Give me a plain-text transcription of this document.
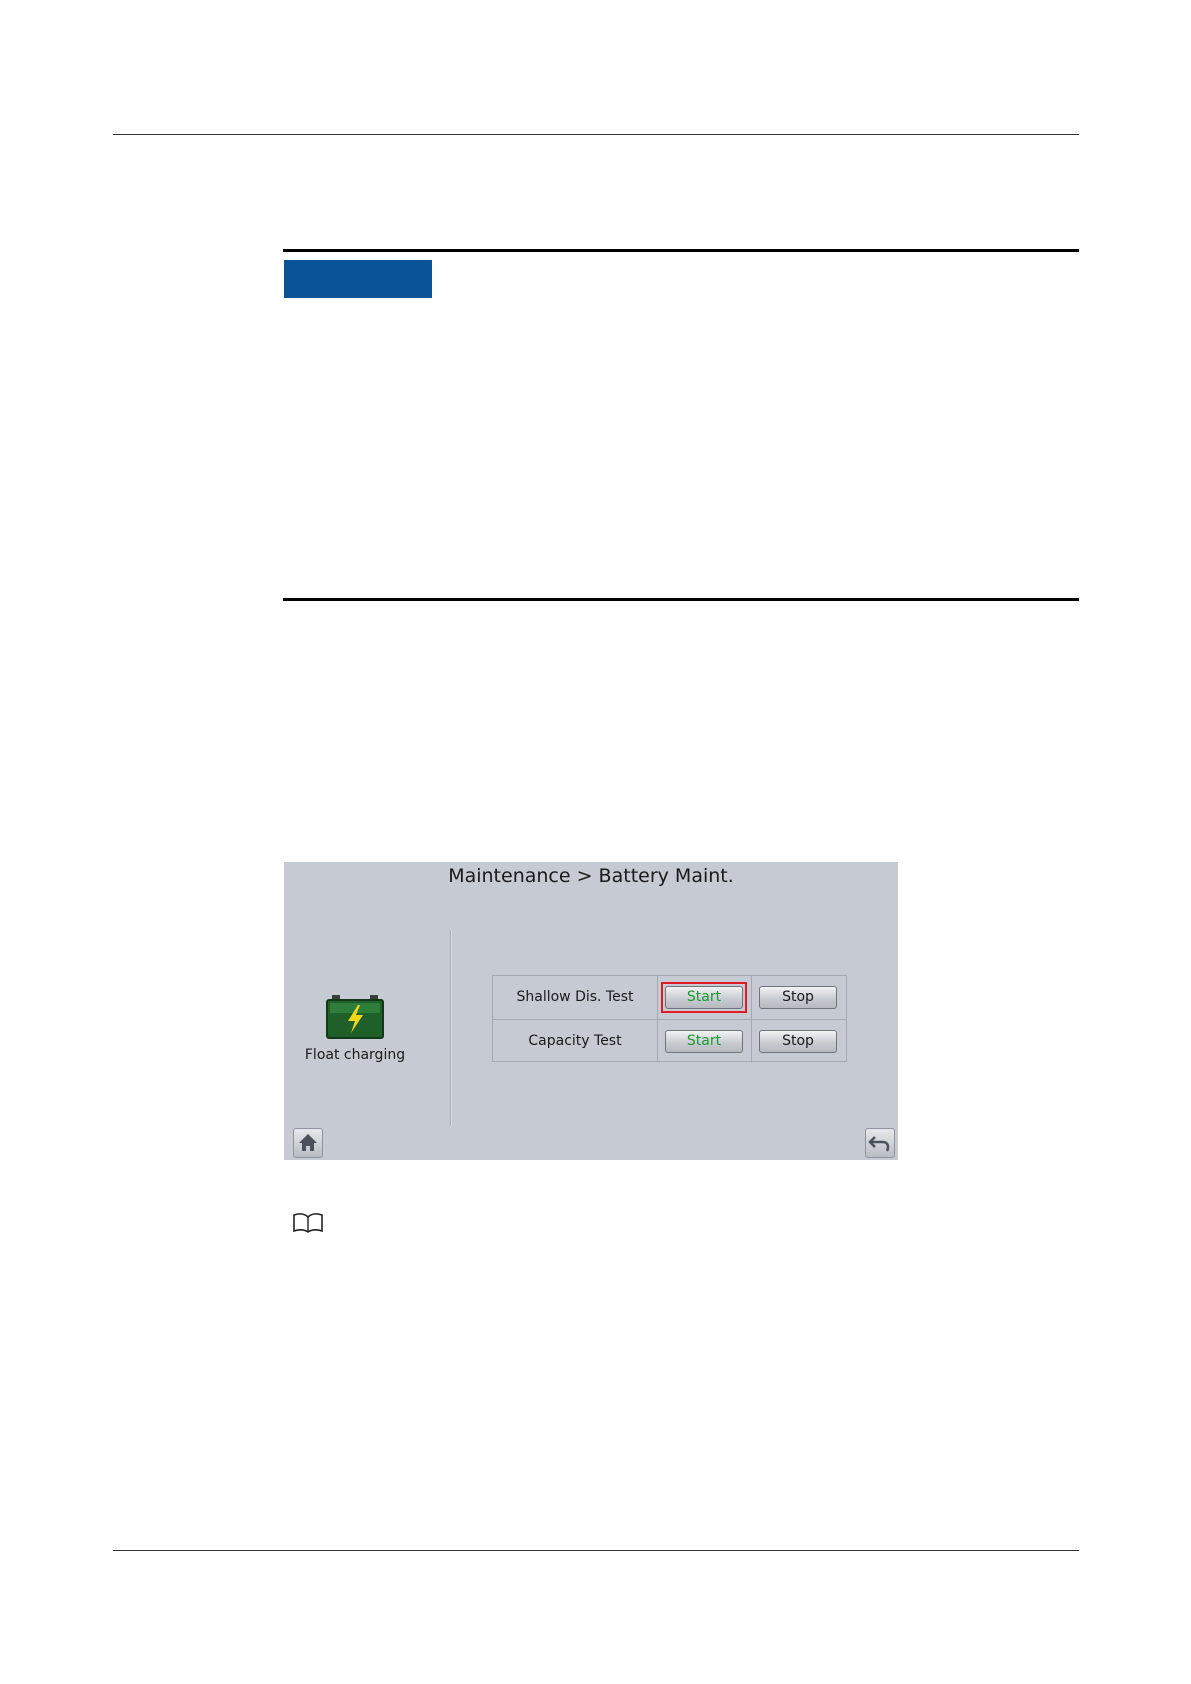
Maintenance > Battery Maint.
Float charging
Shallow Dis. Test	Start	Stop
Capacity Test	Start	Stop
